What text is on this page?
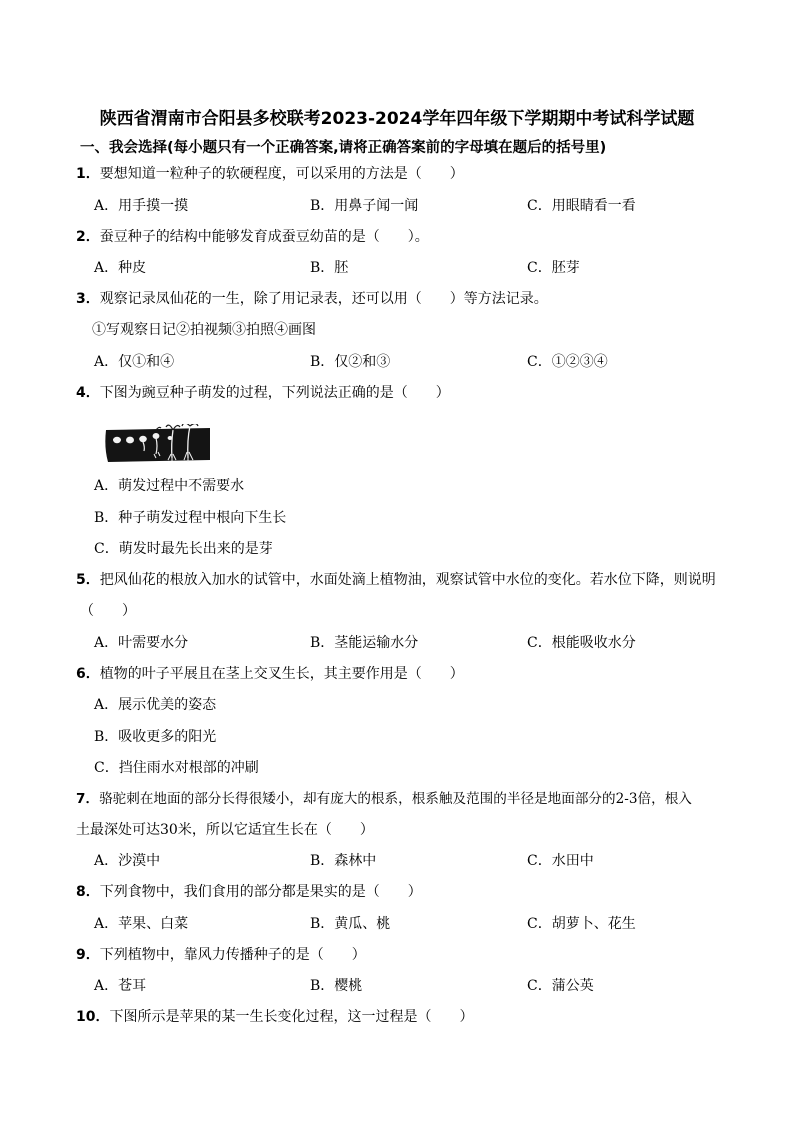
陕西省渭南市合阳县多校联考2023-2024学年四年级下学期期中考试科学试题
一、我会选择(每小题只有一个正确答案,请将正确答案前的字母填在题后的括号里)
1．要想知道一粒种子的软硬程度，可以采用的方法是（　　）
A．用手摸一摸	B．用鼻子闻一闻	C．用眼睛看一看
2．蚕豆种子的结构中能够发育成蚕豆幼苗的是（　　）。
A．种皮	B．胚	C．胚芽
3．观察记录凤仙花的一生，除了用记录表，还可以用（　　）等方法记录。
①写观察日记②拍视频③拍照④画图
A．仅①和④	B．仅②和③	C．①②③④
4．下图为豌豆种子萌发的过程，下列说法正确的是（　　）
A．萌发过程中不需要水
B．种子萌发过程中根向下生长
C．萌发时最先长出来的是芽
5．把风仙花的根放入加水的试管中，水面处滴上植物油，观察试管中水位的变化。若水位下降，则说明
（　　）
A．叶需要水分	B．茎能运输水分	C．根能吸收水分
6．植物的叶子平展且在茎上交叉生长，其主要作用是（　　）
A．展示优美的姿态
B．吸收更多的阳光
C．挡住雨水对根部的冲刷
7．骆驼刺在地面的部分长得很矮小，却有庞大的根系，根系触及范围的半径是地面部分的2-3倍，根入
土最深处可达30米，所以它适宜生长在（　　）
A．沙漠中	B．森林中	C．水田中
8．下列食物中，我们食用的部分都是果实的是（　　）
A．苹果、白菜	B．黄瓜、桃	C．胡萝卜、花生
9．下列植物中，靠风力传播种子的是（　　）
A．苍耳	B．樱桃	C．蒲公英
10．下图所示是苹果的某一生长变化过程，这一过程是（　　）
